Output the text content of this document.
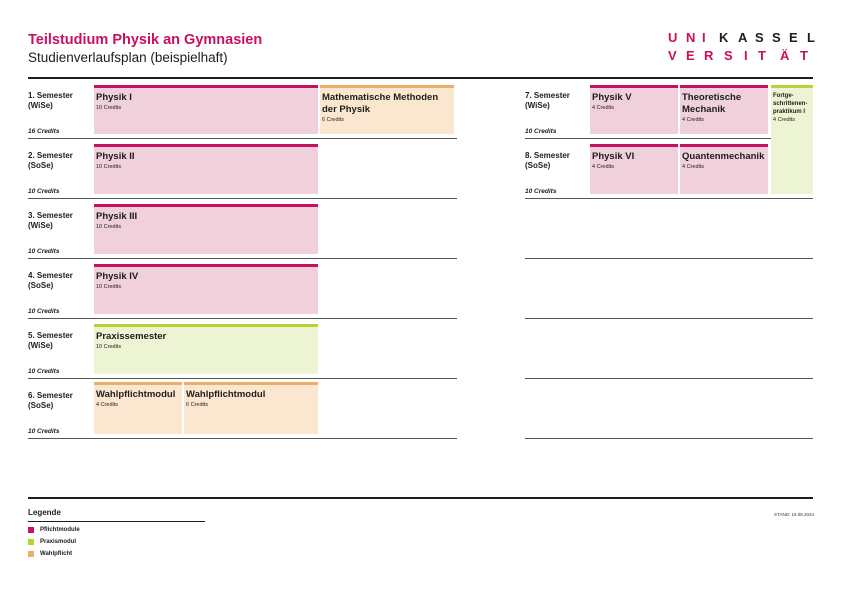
Teilstudium Physik an Gymnasien
Studienverlaufsplan (beispielhaft)
U N I K A S S E L
V E R S I T Ä T
1. Semester
(WiSe)
16 Credits
2. Semester
(SoSe)
10 Credits
3. Semester
(WiSe)
10 Credits
4. Semester
(SoSe)
10 Credits
5. Semester
(WiSe)
10 Credits
6. Semester
(SoSe)
10 Credits
Physik I
10 Credits
Mathematische Methoden der Physik
6 Credits
Physik II
10 Credits
Physik III
10 Credits
Physik IV
10 Credits
Praxissemester
10 Credits
Wahlpflichtmodul
4 Credits
Wahlpflichtmodul
6 Credits
7. Semester
(WiSe)
10 Credits
8. Semester
(SoSe)
10 Credits
Physik V
4 Credits
Theoretische Mechanik
4 Credits
Fortge-schrittenen-praktikum I
4 Credits
Physik VI
4 Credits
Quantenmechanik
4 Credits
Legende
Pflichtmodule
Praxismodul
Wahlpflicht
STAND: 15.08.2024
